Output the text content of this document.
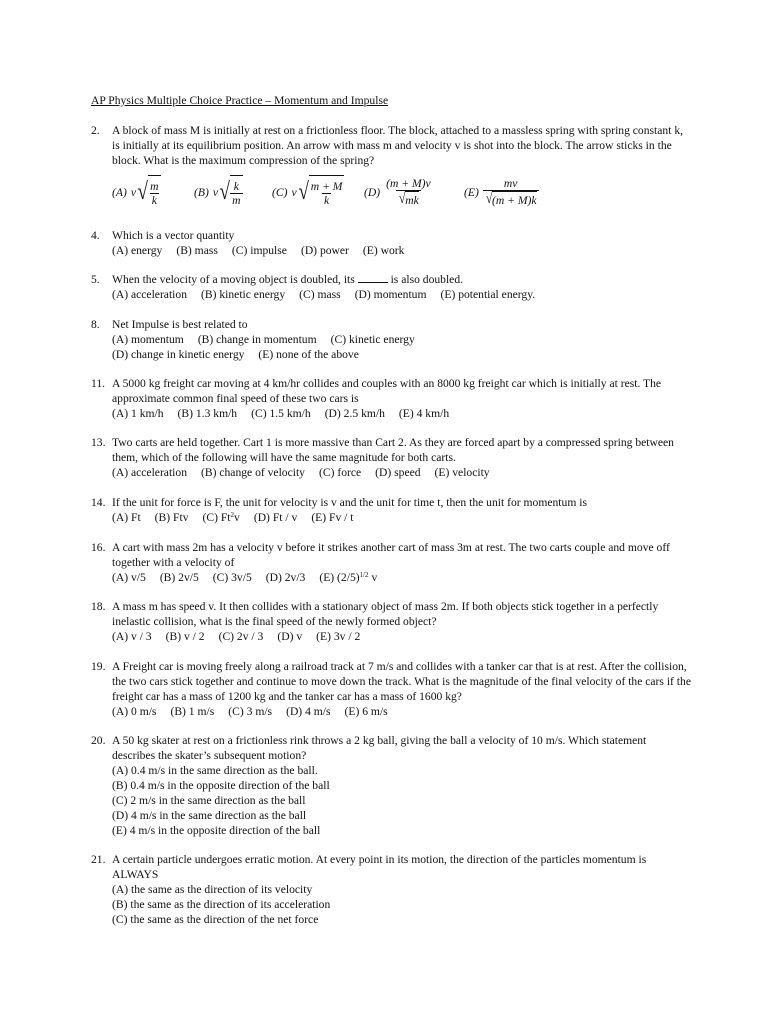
AP Physics Multiple Choice Practice – Momentum and Impulse
2. A block of mass M is initially at rest on a frictionless floor. The block, attached to a massless spring with spring constant k, is initially at its equilibrium position. An arrow with mass m and velocity v is shot into the block. The arrow sticks in the block. What is the maximum compression of the spring?
(A) v √ $\frac{m}{k}$	(B) v √ $\frac{k}{m}$	(C) v √ $\frac{m + M}{k} (D) \frac{(m + M)v}{√ mk}$	$(E) \frac{mv}{√ (m + M)k}$
4. Which is a vector quantity
(A) energy (B) mass (C) impulse (D) power (E) work
5. When the velocity of a moving object is doubled, its	is also doubled.
(A) acceleration (B) kinetic energy (C) mass (D) momentum (E) potential energy.
8. Net Impulse is best related to
(A) momentum (B) change in momentum (C) kinetic energy
(D) change in kinetic energy (E) none of the above
11. A 5000 kg freight car moving at 4 km/hr collides and couples with an 8000 kg freight car which is initially at rest. The approximate common final speed of these two cars is
(A) 1 km/h (B) 1.3 km/h (C) 1.5 km/h (D) 2.5 km/h (E) 4 km/h
13. Two carts are held together. Cart 1 is more massive than Cart 2. As they are forced apart by a compressed spring between them, which of the following will have the same magnitude for both carts.
(A) acceleration (B) change of velocity (C) force (D) speed (E) velocity
14. If the unit for force is F, the unit for velocity is v and the unit for time t, then the unit for momentum is
(A) Ft (B) Ftv (C) Ft$^2$v (D) Ft / v (E) Fv / t
16. A cart with mass 2m has a velocity v before it strikes another cart of mass 3m at rest. The two carts couple and move off together with a velocity of
(A) v/5 (B) 2v/5 (C) 3v/5 (D) 2v/3 (E) $(2/5)^{1/2}$ v
18. A mass m has speed v. It then collides with a stationary object of mass 2m. If both objects stick together in a perfectly inelastic collision, what is the final speed of the newly formed object?
(A) v / 3 (B) v / 2 (C) 2v / 3 (D) v (E) 3v / 2
19. A Freight car is moving freely along a railroad track at 7 m/s and collides with a tanker car that is at rest. After the collision, the two cars stick together and continue to move down the track. What is the magnitude of the final velocity of the cars if the freight car has a mass of 1200 kg and the tanker car has a mass of 1600 kg?
(A) 0 m/s (B) 1 m/s (C) 3 m/s (D) 4 m/s (E) 6 m/s
20. A 50 kg skater at rest on a frictionless rink throws a 2 kg ball, giving the ball a velocity of 10 m/s. Which statement describes the skater’s subsequent motion?
(A) 0.4 m/s in the same direction as the ball.
(B) 0.4 m/s in the opposite direction of the ball
(C) 2 m/s in the same direction as the ball
(D) 4 m/s in the same direction as the ball
(E) 4 m/s in the opposite direction of the ball
21. A certain particle undergoes erratic motion. At every point in its motion, the direction of the particles momentum is ALWAYS
(A) the same as the direction of its velocity
(B) the same as the direction of its acceleration
(C) the same as the direction of the net force
